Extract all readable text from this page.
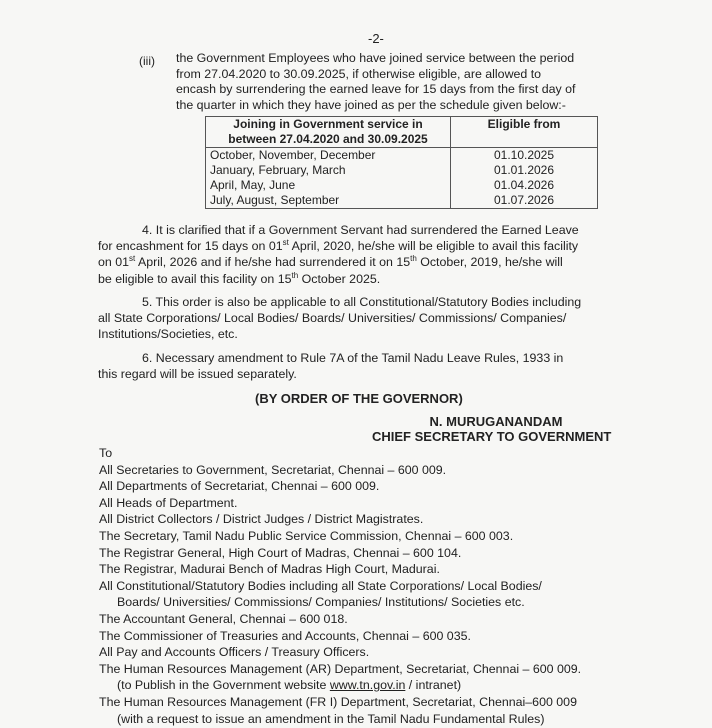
-2-
(iii) the Government Employees who have joined service between the period
from 27.04.2020 to 30.09.2025, if otherwise eligible, are allowed to
encash by surrendering the earned leave for 15 days from the first day of
the quarter in which they have joined as per the schedule given below:-
Joining in Government service in
between 27.04.2020 and 30.09.2025	Eligible from
October, November, December	01.10.2025
January, February, March	01.01.2026
April, May, June	01.04.2026
July, August, September	01.07.2026
4. It is clarified that if a Government Servant had surrendered the Earned Leave
for encashment for 15 days on 01st April, 2020, he/she will be eligible to avail this facility
on 01st April, 2026 and if he/she had surrendered it on 15th October, 2019, he/she will
be eligible to avail this facility on 15th October 2025.
5. This order is also be applicable to all Constitutional/Statutory Bodies including
all State Corporations/ Local Bodies/ Boards/ Universities/ Commissions/ Companies/
Institutions/Societies, etc.
6. Necessary amendment to Rule 7A of the Tamil Nadu Leave Rules, 1933 in
this regard will be issued separately.
(BY ORDER OF THE GOVERNOR)
N. MURUGANANDAM
CHIEF SECRETARY TO GOVERNMENT
To
All Secretaries to Government, Secretariat, Chennai – 600 009.
All Departments of Secretariat, Chennai – 600 009.
All Heads of Department.
All District Collectors / District Judges / District Magistrates.
The Secretary, Tamil Nadu Public Service Commission, Chennai – 600 003.
The Registrar General, High Court of Madras, Chennai – 600 104.
The Registrar, Madurai Bench of Madras High Court, Madurai.
All Constitutional/Statutory Bodies including all State Corporations/ Local Bodies/
Boards/ Universities/ Commissions/ Companies/ Institutions/ Societies etc.
The Accountant General, Chennai – 600 018.
The Commissioner of Treasuries and Accounts, Chennai – 600 035.
All Pay and Accounts Officers / Treasury Officers.
The Human Resources Management (AR) Department, Secretariat, Chennai – 600 009.
(to Publish in the Government website www.tn.gov.in / intranet)
The Human Resources Management (FR I) Department, Secretariat, Chennai–600 009
(with a request to issue an amendment in the Tamil Nadu Fundamental Rules)
